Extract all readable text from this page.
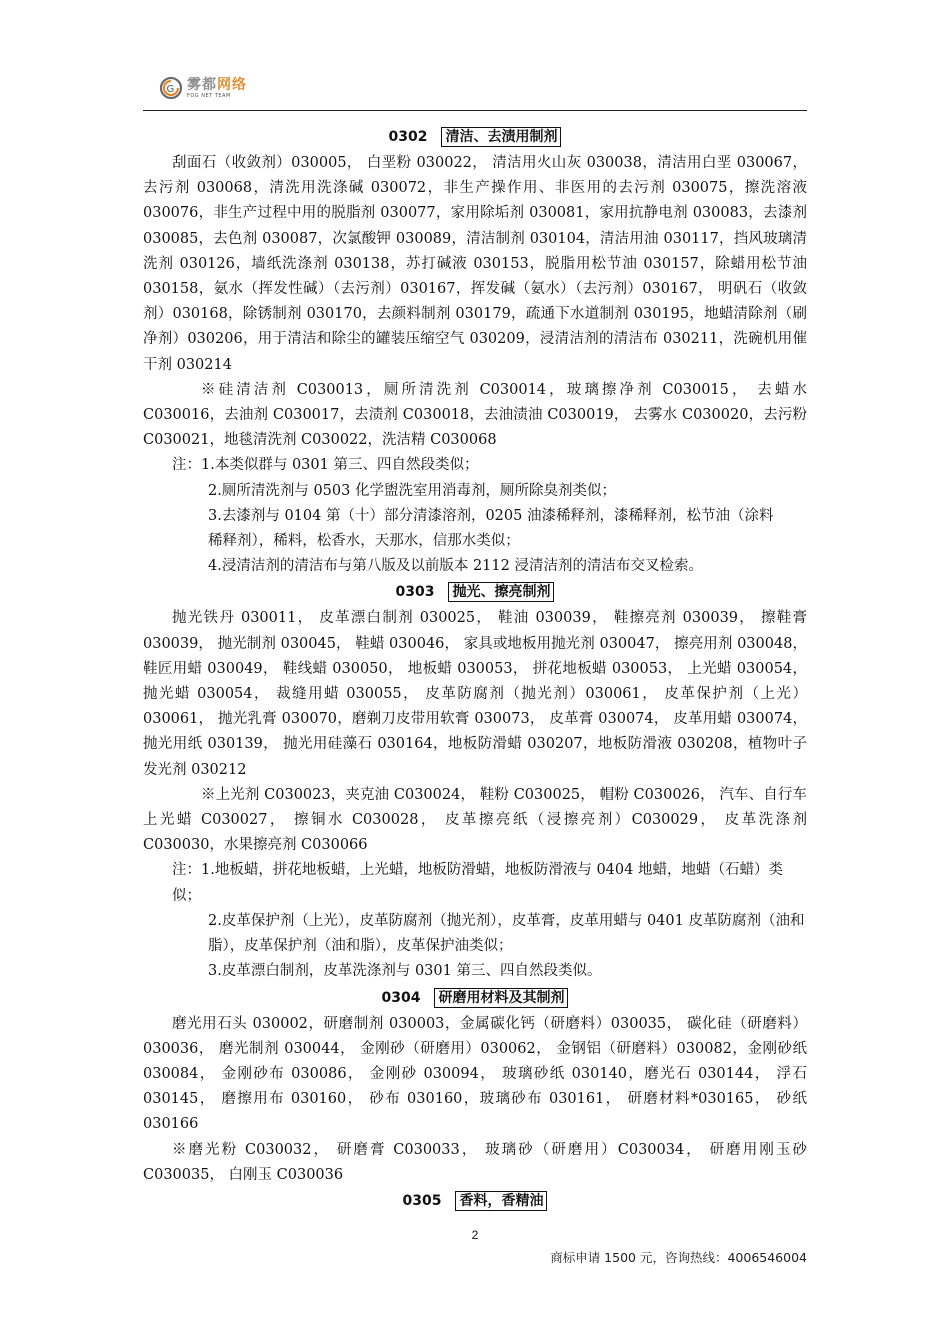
G 雾都网络
FOG NET TEAM
0302 清洁、去渍用制剂

刮面石（收敛剂）030005， 白垩粉 030022， 清洁用火山灰 030038，清洁用白垩 030067，去污剂 030068，清洗用洗涤碱 030072，非生产操作用、非医用的去污剂 030075，擦洗溶液 030076，非生产过程中用的脱脂剂 030077，家用除垢剂 030081，家用抗静电剂 030083，去漆剂 030085，去色剂 030087，次氯酸钾 030089，清洁制剂 030104，清洁用油 030117，挡风玻璃清洗剂 030126，墙纸洗涤剂 030138，苏打碱液 030153，脱脂用松节油 030157，除蜡用松节油 030158，氨水（挥发性碱）（去污剂）030167，挥发碱（氨水）（去污剂）030167， 明矾石（收敛剂）030168，除锈制剂 030170，去颜料制剂 030179，疏通下水道制剂 030195，地蜡清除剂（刷净剂）030206，用于清洁和除尘的罐装压缩空气 030209，浸清洁剂的清洁布 030211，洗碗机用催干剂 030214

※硅清洁剂 C030013，厕所清洗剂 C030014，玻璃擦净剂 C030015， 去蜡水 C030016，去油剂 C030017，去渍剂 C030018，去油渍油 C030019， 去雾水 C030020，去污粉 C030021，地毯清洗剂 C030022，洗洁精 C030068

注：1.本类似群与 0301 第三、四自然段类似；
2.厕所清洗剂与 0503 化学盥洗室用消毒剂，厕所除臭剂类似；
3.去漆剂与 0104 第（十）部分清漆溶剂，0205 油漆稀释剂，漆稀释剂，松节油（涂料稀释剂），稀料，松香水，天那水，信那水类似；
4.浸清洁剂的清洁布与第八版及以前版本 2112 浸清洁剂的清洁布交叉检索。
0303 抛光、擦亮制剂

抛光铁丹 030011， 皮革漂白制剂 030025， 鞋油 030039， 鞋擦亮剂 030039， 擦鞋膏 030039， 抛光制剂 030045， 鞋蜡 030046， 家具或地板用抛光剂 030047， 擦亮用剂 030048， 鞋匠用蜡 030049， 鞋线蜡 030050， 地板蜡 030053， 拼花地板蜡 030053， 上光蜡 030054， 抛光蜡 030054， 裁缝用蜡 030055， 皮革防腐剂（抛光剂）030061， 皮革保护剂（上光）030061， 抛光乳膏 030070，磨剃刀皮带用软膏 030073， 皮革膏 030074， 皮革用蜡 030074， 抛光用纸 030139， 抛光用硅藻石 030164，地板防滑蜡 030207，地板防滑液 030208，植物叶子发光剂 030212

※上光剂 C030023，夹克油 C030024， 鞋粉 C030025， 帽粉 C030026， 汽车、自行车上光蜡 C030027， 擦铜水 C030028， 皮革擦亮纸（浸擦亮剂）C030029， 皮革洗涤剂 C030030，水果擦亮剂 C030066

注：1.地板蜡，拼花地板蜡，上光蜡，地板防滑蜡，地板防滑液与 0404 地蜡，地蜡（石蜡）类似；
2.皮革保护剂（上光），皮革防腐剂（抛光剂），皮革膏，皮革用蜡与 0401 皮革防腐剂（油和脂），皮革保护剂（油和脂），皮革保护油类似；
3.皮革漂白制剂，皮革洗涤剂与 0301 第三、四自然段类似。
0304 研磨用材料及其制剂

磨光用石头 030002，研磨制剂 030003，金属碳化钙（研磨料）030035， 碳化硅（研磨料）030036， 磨光制剂 030044， 金刚砂（研磨用）030062， 金钢铝（研磨料）030082，金刚砂纸 030084， 金刚砂布 030086， 金刚砂 030094， 玻璃砂纸 030140，磨光石 030144， 浮石 030145， 磨擦用布 030160， 砂布 030160，玻璃砂布 030161， 研磨材料*030165， 砂纸 030166

※磨光粉 C030032， 研磨膏 C030033， 玻璃砂（研磨用）C030034， 研磨用刚玉砂 C030035， 白刚玉 C030036

0305 香料，香精油
2
商标申请 1500 元，咨询热线：4006546004
